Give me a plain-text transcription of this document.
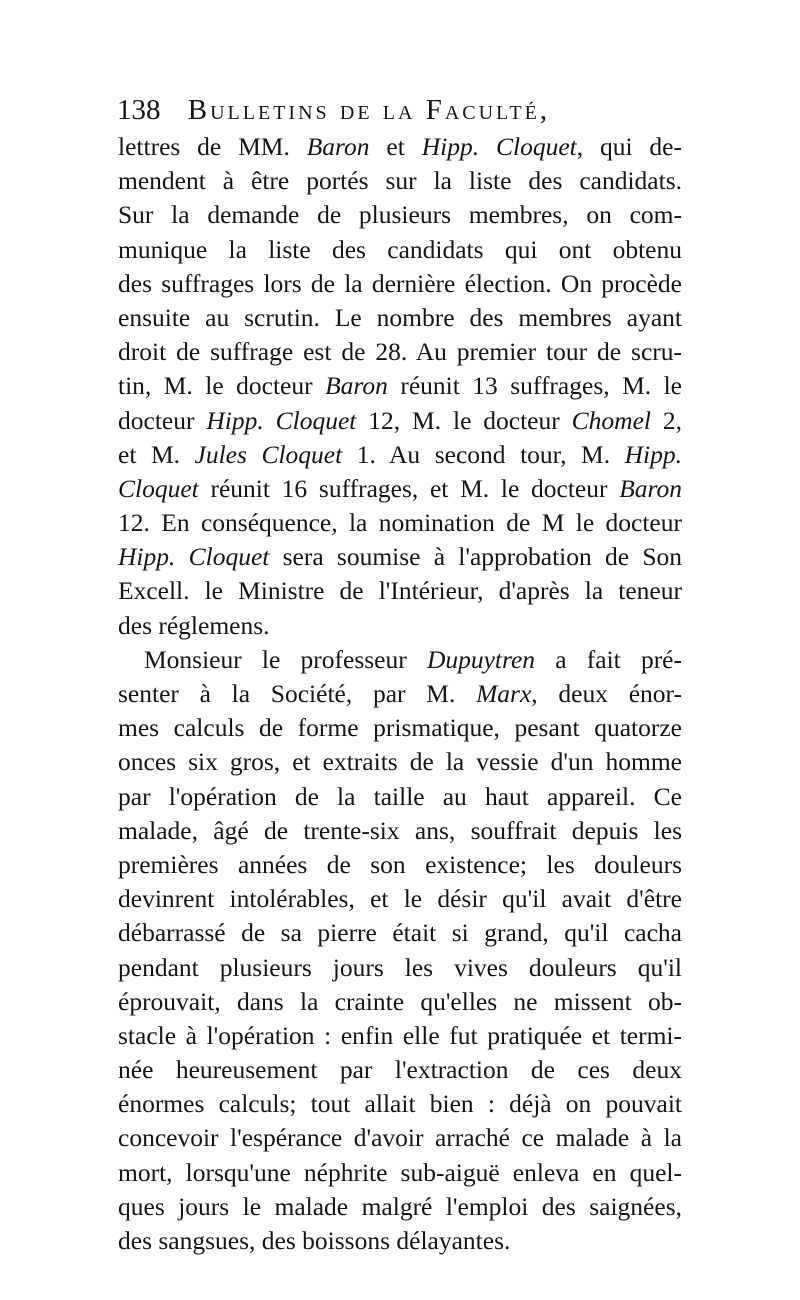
138 Bulletins de la Faculté,
lettres de MM. Baron et Hipp. Cloquet, qui de-
mendent à être portés sur la liste des candidats.
Sur la demande de plusieurs membres, on com-
munique la liste des candidats qui ont obtenu
des suffrages lors de la dernière élection. On procède
ensuite au scrutin. Le nombre des membres ayant
droit de suffrage est de 28. Au premier tour de scru-
tin, M. le docteur Baron réunit 13 suffrages, M. le
docteur Hipp. Cloquet 12, M. le docteur Chomel 2,
et M. Jules Cloquet 1. Au second tour, M. Hipp.
Cloquet réunit 16 suffrages, et M. le docteur Baron
12. En conséquence, la nomination de M le docteur
Hipp. Cloquet sera soumise à l'approbation de Son
Excell. le Ministre de l'Intérieur, d'après la teneur
des réglemens.
Monsieur le professeur Dupuytren a fait pré-
senter à la Société, par M. Marx, deux énor-
mes calculs de forme prismatique, pesant quatorze
onces six gros, et extraits de la vessie d'un homme
par l'opération de la taille au haut appareil. Ce
malade, âgé de trente-six ans, souffrait depuis les
premières années de son existence; les douleurs
devinrent intolérables, et le désir qu'il avait d'être
débarrassé de sa pierre était si grand, qu'il cacha
pendant plusieurs jours les vives douleurs qu'il
éprouvait, dans la crainte qu'elles ne missent ob-
stacle à l'opération : enfin elle fut pratiquée et termi-
née heureusement par l'extraction de ces deux
énormes calculs; tout allait bien : déjà on pouvait
concevoir l'espérance d'avoir arraché ce malade à la
mort, lorsqu'une néphrite sub-aiguë enleva en quel-
ques jours le malade malgré l'emploi des saignées,
des sangsues, des boissons délayantes.
